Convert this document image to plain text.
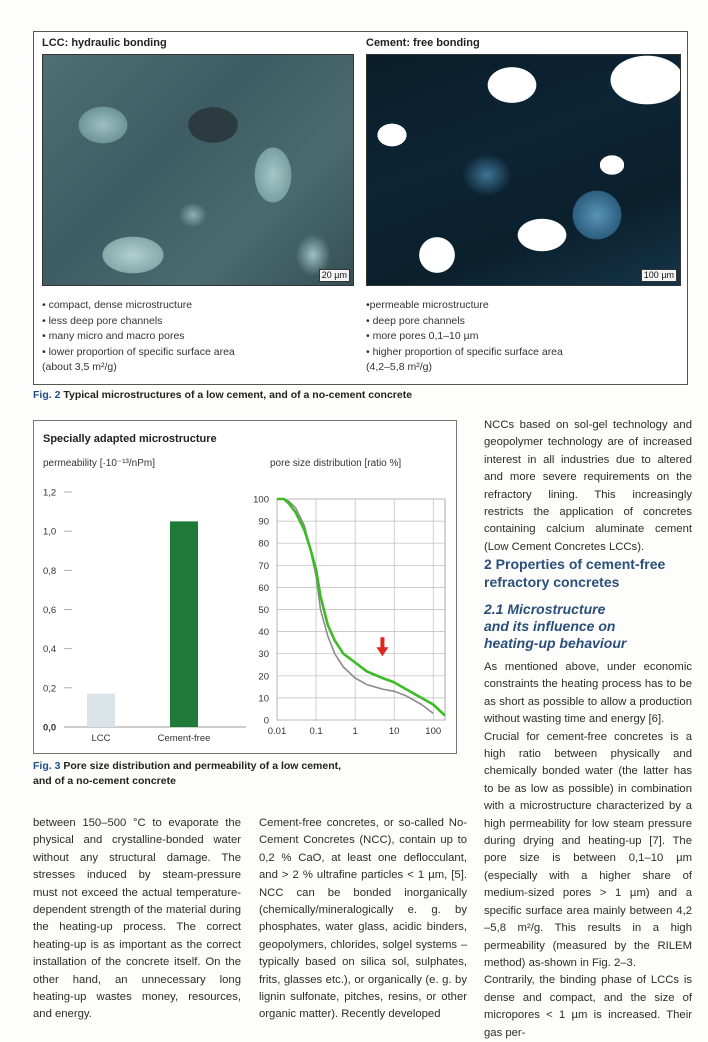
LCC: hydraulic bonding	Cement: free bonding
20 µm	100 µm
• compact, dense microstructure
• less deep pore channels
• many micro and macro pores
• lower proportion of specific surface area
(about 3,5 m²/g)
•permeable microstructure
• deep pore channels
• more pores 0,1–10 µm
• higher proportion of specific surface area
(4,2–5,8 m²/g)
Fig. 2 Typical microstructures of a low cement, and of a no-cement concrete
Specially adapted microstructure
permeability [·10⁻¹³/nPm]	pore size distribution [ratio %]
0,0
0,2
0,4
0,6
0,8
1,0
1,2
LCC	Cement-free
0
10
20
30
40
50
60
70
80
90
100
0.01 0.1	1	10	100
Fig. 3 Pore size distribution and permeability of a low cement,
and of a no-cement concrete

between 150–500 °C to evaporate the physical and crystalline-bonded water without any structural damage. The stresses induced by steam-pressure must not exceed the actual temperature-dependent strength of the material during the heating-up process. The correct heating-up is as important as the correct installation of the concrete itself. On the other hand, an unnecessary long heating-up wastes money, resources, and energy.

Cement-free concretes, or so-called No-Cement Concretes (NCC), contain up to 0,2 % CaO, at least one deflocculant, and > 2 % ultrafine particles < 1 µm, [5]. NCC can be bonded inorganically (chemically/mineralogically e. g. by phosphates, water glass, acidic binders, geopolymers, chlorides, solgel systems – typically based on silica sol, sulphates, frits, glasses etc.), or organically (e. g. by lignin sulfonate, pitches, resins, or other organic matter). Recently developed

NCCs based on sol-gel technology and geopolymer technology are of increased interest in all industries due to altered and more severe requirements on the refractory lining. This increasingly restricts the application of concretes containing calcium aluminate cement (Low Cement Concretes LCCs).

2 Properties of cement-free
refractory concretes
2.1 Microstructure
and its influence on
heating-up behaviour

As mentioned above, under economic constraints the heating process has to be as short as possible to allow a production without wasting time and energy [6].

Crucial for cement-free concretes is a high ratio between physically and chemically bonded water (the latter has to be as low as possible) in combination with a microstructure characterized by a high permeability for low steam pressure during drying and heating-up [7]. The pore size is between 0,1–10 µm (especially with a higher share of medium-sized pores > 1 µm) and a specific surface area mainly between 4,2 –5,8 m²/g. This results in a high permeability (measured by the RILEM method) as-shown in Fig. 2–3.

Contrarily, the binding phase of LCCs is dense and compact, and the size of micropores < 1 µm is increased. Their gas per-
